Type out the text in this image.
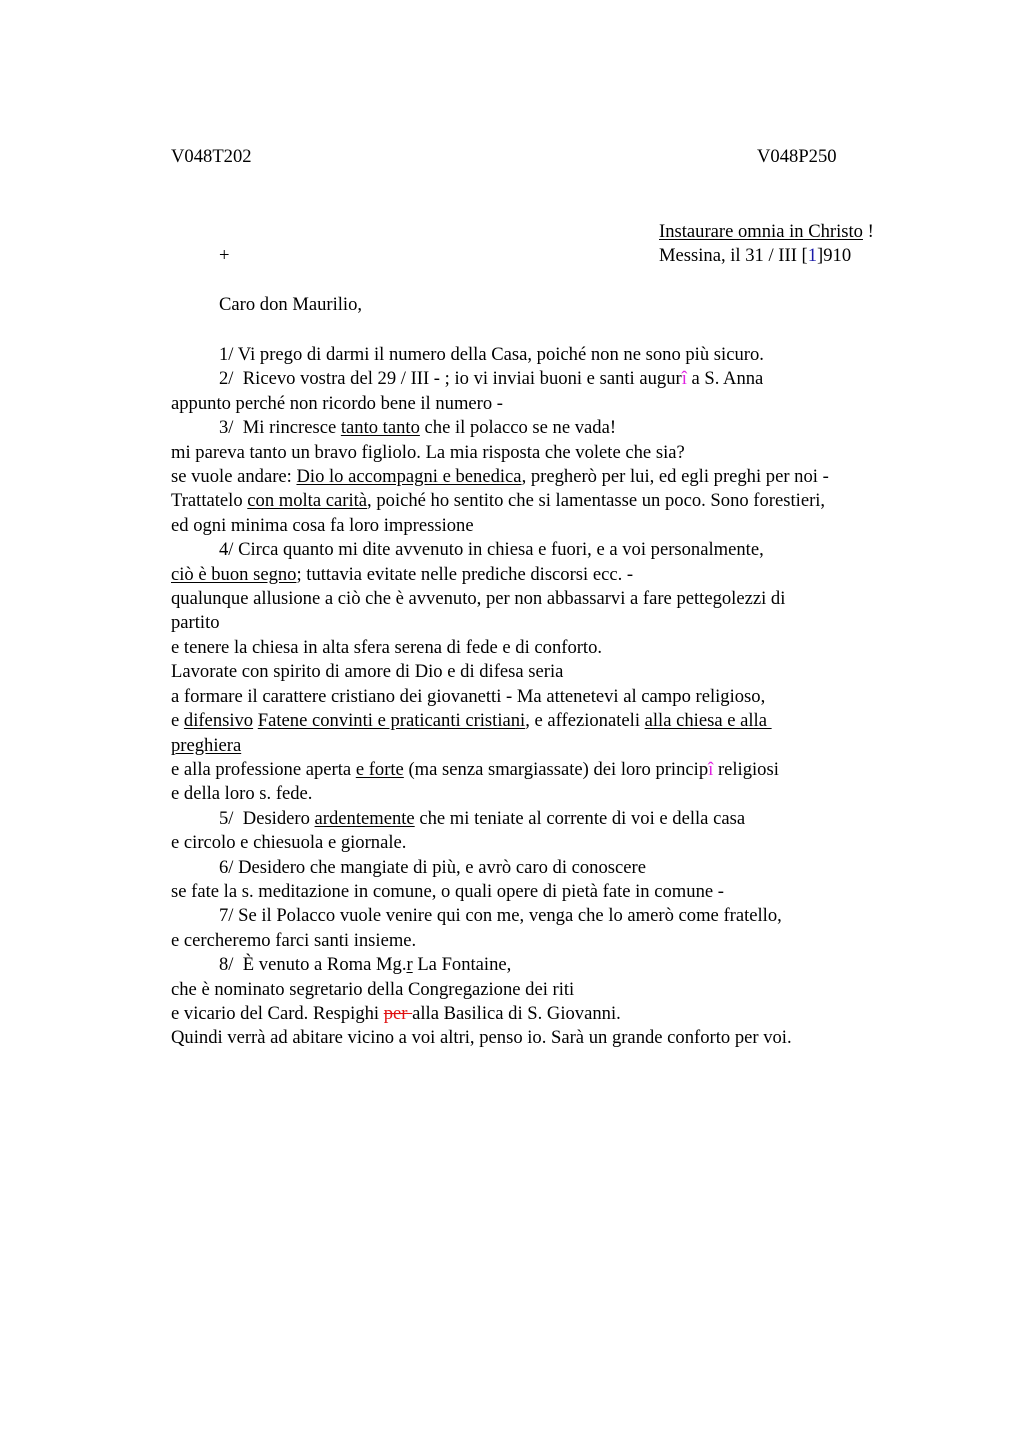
V048T202	V048P250
Instaurare omnia in Christo !
+	Messina, il 31 / III [1]910
Caro don Maurilio,
1/ Vi prego di darmi il numero della Casa, poiché non ne sono più sicuro.
2/  Ricevo vostra del 29 / III - ; io vi inviai buoni e santi augurî a S. Anna
appunto perché non ricordo bene il numero -
3/  Mi rincresce tanto tanto che il polacco se ne vada!
mi pareva tanto un bravo figliolo. La mia risposta che volete che sia?
se vuole andare: Dio lo accompagni e benedica, pregherò per lui, ed egli preghi per noi -
Trattatelo con molta carità, poiché ho sentito che si lamentasse un poco. Sono forestieri,
ed ogni minima cosa fa loro impressione
4/ Circa quanto mi dite avvenuto in chiesa e fuori, e a voi personalmente,
ciò è buon segno; tuttavia evitate nelle prediche discorsi ecc. -
qualunque allusione a ciò che è avvenuto, per non abbassarvi a fare pettegolezzi di
partito
e tenere la chiesa in alta sfera serena di fede e di conforto.
Lavorate con spirito di amore di Dio e di difesa seria
a formare il carattere cristiano dei giovanetti - Ma attenetevi al campo religioso,
e difensivo Fatene convinti e praticanti cristiani, e affezionateli alla chiesa e alla
preghiera
e alla professione aperta e forte (ma senza smargiassate) dei loro principî religiosi
e della loro s. fede.
5/  Desidero ardentemente che mi teniate al corrente di voi e della casa
e circolo e chiesuola e giornale.
6/ Desidero che mangiate di più, e avrò caro di conoscere
se fate la s. meditazione in comune, o quali opere di pietà fate in comune -
7/ Se il Polacco vuole venire qui con me, venga che lo amerò come fratello,
e cercheremo farci santi insieme.
8/  È venuto a Roma Mg.r La Fontaine,
che è nominato segretario della Congregazione dei riti
e vicario del Card. Respighi per alla Basilica di S. Giovanni.
Quindi verrà ad abitare vicino a voi altri, penso io. Sarà un grande conforto per voi.
